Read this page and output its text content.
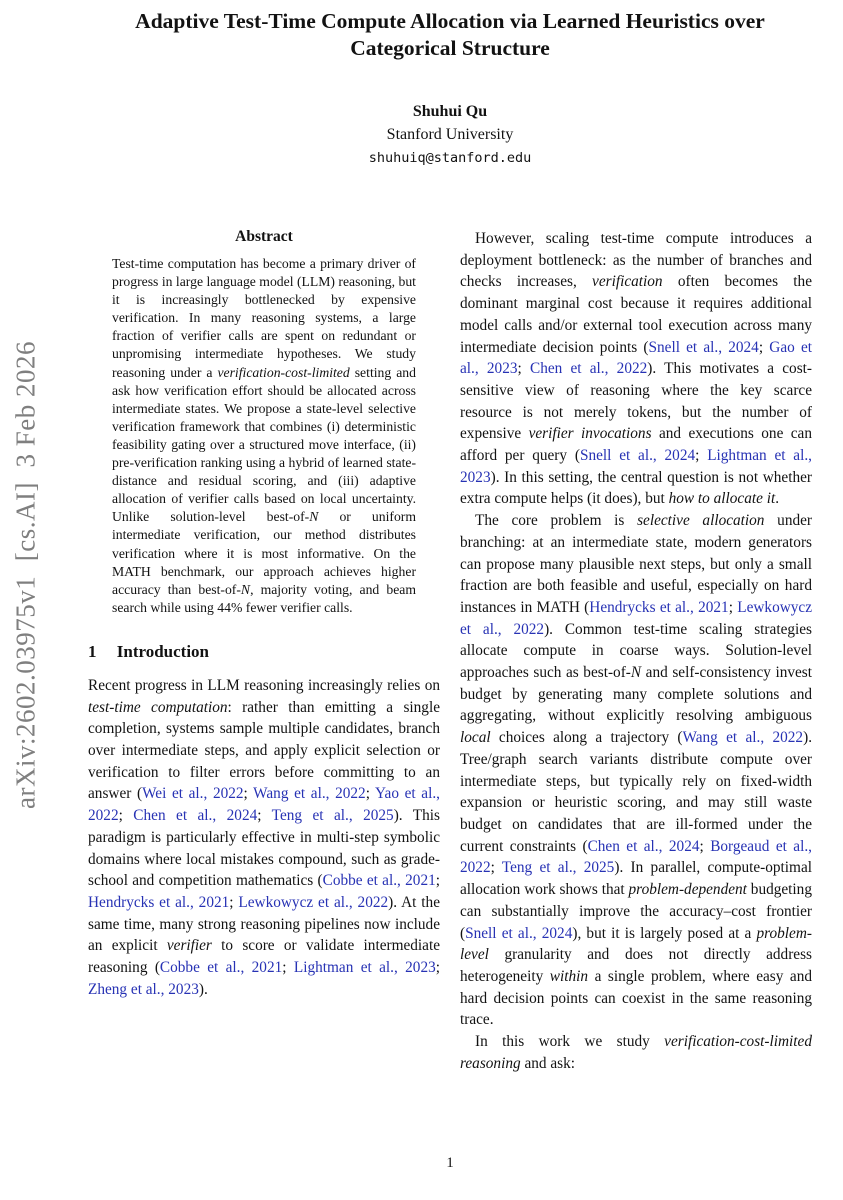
arXiv:2602.03975v1  [cs.AI]  3 Feb 2026
Adaptive Test-Time Compute Allocation via Learned Heuristics over Categorical Structure
Shuhui Qu
Stanford University
shuhuiq@stanford.edu
Abstract

Test-time computation has become a primary driver of progress in large language model (LLM) reasoning, but it is increasingly bottlenecked by expensive verification. In many reasoning systems, a large fraction of verifier calls are spent on redundant or unpromising intermediate hypotheses. We study reasoning under a verification-cost-limited setting and ask how verification effort should be allocated across intermediate states. We propose a state-level selective verification framework that combines (i) deterministic feasibility gating over a structured move interface, (ii) pre-verification ranking using a hybrid of learned state-distance and residual scoring, and (iii) adaptive allocation of verifier calls based on local uncertainty. Unlike solution-level best-of-N or uniform intermediate verification, our method distributes verification where it is most informative. On the MATH benchmark, our approach achieves higher accuracy than best-of-N, majority voting, and beam search while using 44% fewer verifier calls.

1 Introduction

Recent progress in LLM reasoning increasingly relies on test-time computation: rather than emitting a single completion, systems sample multiple candidates, branch over intermediate steps, and apply explicit selection or verification to filter errors before committing to an answer (Wei et al., 2022; Wang et al., 2022; Yao et al., 2022; Chen et al., 2024; Teng et al., 2025). This paradigm is particularly effective in multi-step symbolic domains where local mistakes compound, such as grade-school and competition mathematics (Cobbe et al., 2021; Hendrycks et al., 2021; Lewkowycz et al., 2022). At the same time, many strong reasoning pipelines now include an explicit verifier to score or validate intermediate reasoning (Cobbe et al., 2021; Lightman et al., 2023; Zheng et al., 2023).

However, scaling test-time compute introduces a deployment bottleneck: as the number of branches and checks increases, verification often becomes the dominant marginal cost because it requires additional model calls and/or external tool execution across many intermediate decision points (Snell et al., 2024; Gao et al., 2023; Chen et al., 2022). This motivates a cost-sensitive view of reasoning where the key scarce resource is not merely tokens, but the number of expensive verifier invocations and executions one can afford per query (Snell et al., 2024; Lightman et al., 2023). In this setting, the central question is not whether extra compute helps (it does), but how to allocate it.

The core problem is selective allocation under branching: at an intermediate state, modern generators can propose many plausible next steps, but only a small fraction are both feasible and useful, especially on hard instances in MATH (Hendrycks et al., 2021; Lewkowycz et al., 2022). Common test-time scaling strategies allocate compute in coarse ways. Solution-level approaches such as best-of-N and self-consistency invest budget by generating many complete solutions and aggregating, without explicitly resolving ambiguous local choices along a trajectory (Wang et al., 2022). Tree/graph search variants distribute compute over intermediate steps, but typically rely on fixed-width expansion or heuristic scoring, and may still waste budget on candidates that are ill-formed under the current constraints (Chen et al., 2024; Borgeaud et al., 2022; Teng et al., 2025). In parallel, compute-optimal allocation work shows that problem-dependent budgeting can substantially improve the accuracy–cost frontier (Snell et al., 2024), but it is largely posed at a problem-level granularity and does not directly address heterogeneity within a single problem, where easy and hard decision points can coexist in the same reasoning trace.

In this work we study verification-cost-limited reasoning and ask:

1
